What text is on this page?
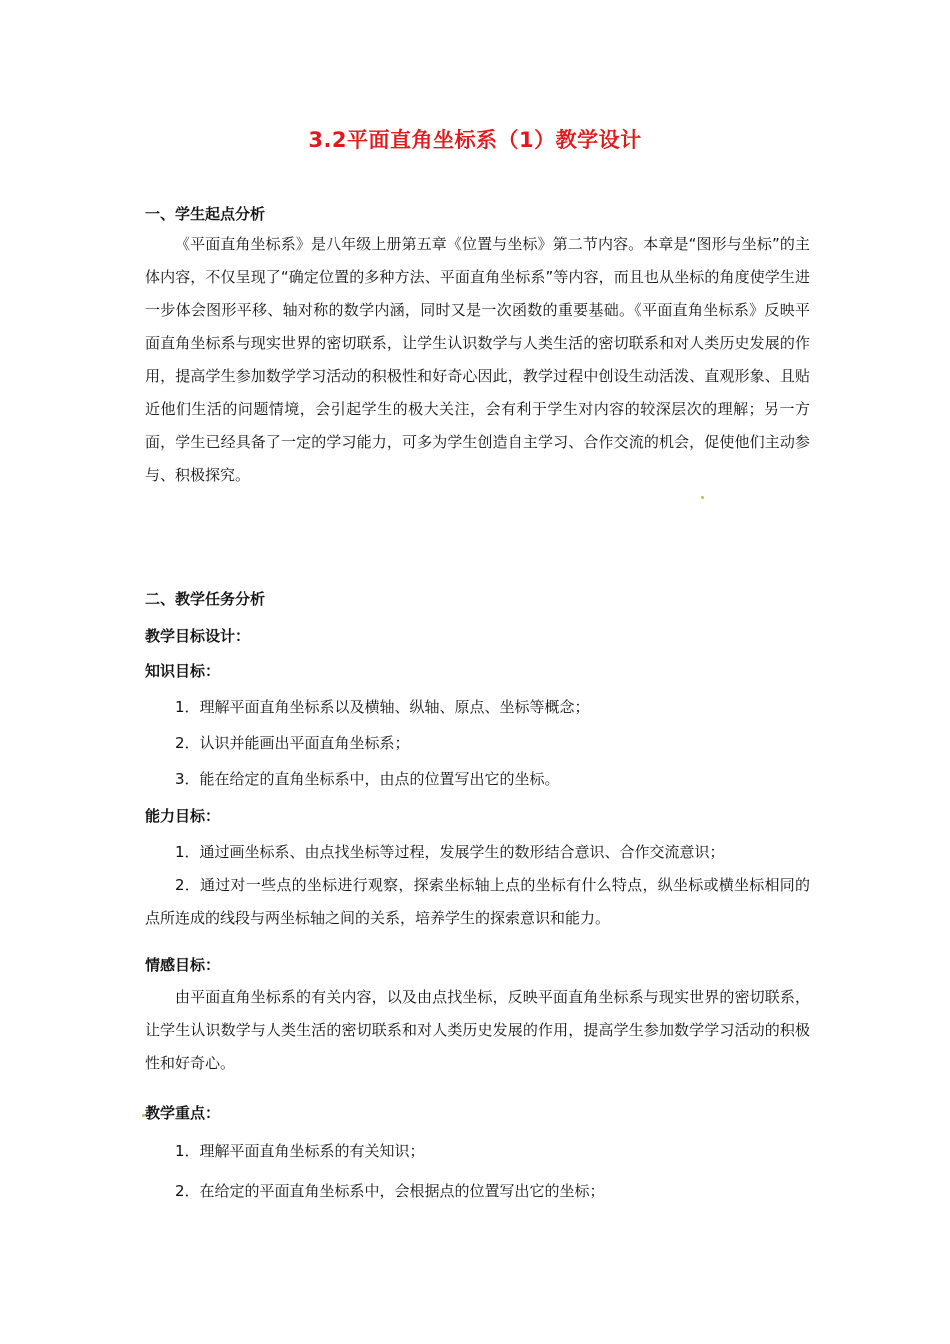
3.2平面直角坐标系（1）教学设计
一、学生起点分析
《平面直角坐标系》是八年级上册第五章《位置与坐标》第二节内容。本章是“图形与坐标”的主体内容，不仅呈现了“确定位置的多种方法、平面直角坐标系”等内容，而且也从坐标的角度使学生进一步体会图形平移、轴对称的数学内涵，同时又是一次函数的重要基础。《平面直角坐标系》反映平面直角坐标系与现实世界的密切联系，让学生认识数学与人类生活的密切联系和对人类历史发展的作用，提高学生参加数学学习活动的积极性和好奇心因此，教学过程中创设生动活泼、直观形象、且贴近他们生活的问题情境，会引起学生的极大关注，会有利于学生对内容的较深层次的理解；另一方面，学生已经具备了一定的学习能力，可多为学生创造自主学习、合作交流的机会，促使他们主动参与、积极探究。
二、教学任务分析
教学目标设计：
知识目标：
1．理解平面直角坐标系以及横轴、纵轴、原点、坐标等概念；
2．认识并能画出平面直角坐标系；
3．能在给定的直角坐标系中，由点的位置写出它的坐标。
能力目标：
1．通过画坐标系、由点找坐标等过程，发展学生的数形结合意识、合作交流意识；
2．通过对一些点的坐标进行观察，探索坐标轴上点的坐标有什么特点，纵坐标或横坐标相同的点所连成的线段与两坐标轴之间的关系，培养学生的探索意识和能力。
情感目标：
由平面直角坐标系的有关内容，以及由点找坐标，反映平面直角坐标系与现实世界的密切联系，让学生认识数学与人类生活的密切联系和对人类历史发展的作用，提高学生参加数学学习活动的积极性和好奇心。
教学重点：
1．理解平面直角坐标系的有关知识；
2．在给定的平面直角坐标系中，会根据点的位置写出它的坐标；
